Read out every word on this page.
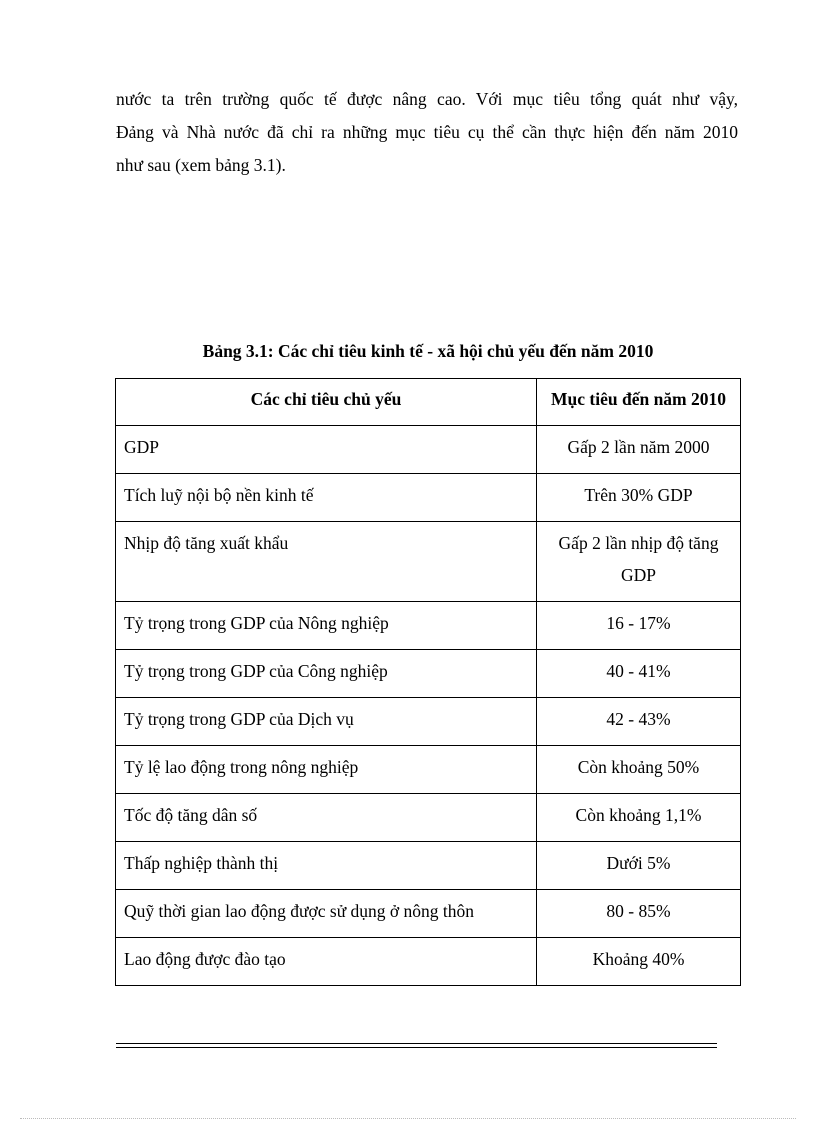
nước ta trên trường quốc tế được nâng cao. Với mục tiêu tổng quát như vậy,
Đảng và Nhà nước đã chỉ ra những mục tiêu cụ thể cần thực hiện đến năm 2010
như sau (xem bảng 3.1).

Bảng 3.1: Các chỉ tiêu kinh tế - xã hội chủ yếu đến năm 2010

Các chỉ tiêu chủ yếu	Mục tiêu đến năm 2010
GDP	Gấp 2 lần năm 2000
Tích luỹ nội bộ nền kinh tế	Trên 30% GDP
Nhịp độ tăng xuất khẩu	Gấp 2 lần nhịp độ tăng GDP
Tỷ trọng trong GDP của Nông nghiệp	16 - 17%
Tỷ trọng trong GDP của Công nghiệp	40 - 41%
Tỷ trọng trong GDP của Dịch vụ	42 - 43%
Tỷ lệ lao động trong nông nghiệp	Còn khoảng 50%
Tốc độ tăng dân số	Còn khoảng 1,1%
Thấp nghiệp thành thị	Dưới 5%
Quỹ thời gian lao động được sử dụng ở nông thôn	80 - 85%
Lao động được đào tạo	Khoảng 40%
